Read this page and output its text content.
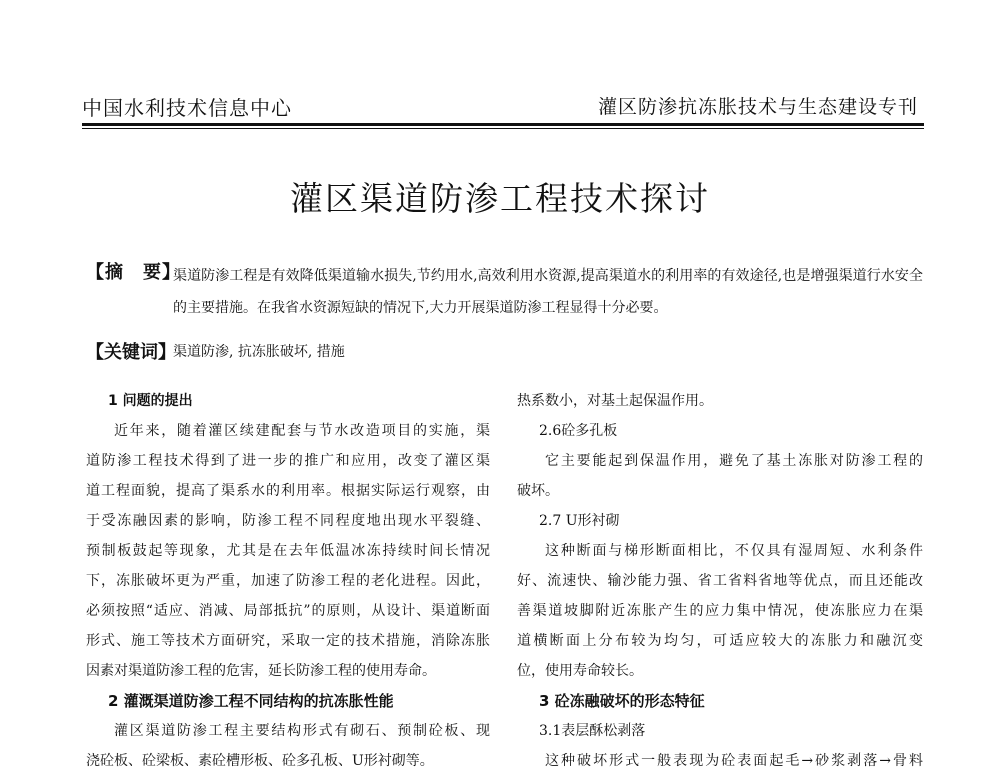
中国水利技术信息中心	灌区防渗抗冻胀技术与生态建设专刊
灌区渠道防渗工程技术探讨
【摘　要】
渠道防渗工程是有效降低渠道输水损失,节约用水,高效利用水资源,提高渠道水的利用率的有效途径,也是增强渠道行水安全的主要措施。在我省水资源短缺的情况下,大力开展渠道防渗工程显得十分必要。
【关键词】
渠道防渗, 抗冻胀破坏, 措施

1 问题的提出

近年来，随着灌区续建配套与节水改造项目的实施，渠

道防渗工程技术得到了进一步的推广和应用，改变了灌区渠

道工程面貌，提高了渠系水的利用率。根据实际运行观察，由

于受冻融因素的影响，防渗工程不同程度地出现水平裂缝、

预制板鼓起等现象，尤其是在去年低温冰冻持续时间长情况

下，冻胀破坏更为严重，加速了防渗工程的老化进程。因此，

必须按照“适应、消减、局部抵抗”的原则，从设计、渠道断面

形式、施工等技术方面研究，采取一定的技术措施，消除冻胀

因素对渠道防渗工程的危害，延长防渗工程的使用寿命。

2 灌溉渠道防渗工程不同结构的抗冻胀性能

灌区渠道防渗工程主要结构形式有砌石、预制砼板、现

浇砼板、砼梁板、素砼槽形板、砼多孔板、U形衬砌等。

热系数小，对基土起保温作用。

2.6砼多孔板

它主要能起到保温作用，避免了基土冻胀对防渗工程的

破坏。

2.7 U形衬砌

这种断面与梯形断面相比，不仅具有湿周短、水利条件

好、流速快、输沙能力强、省工省料省地等优点，而且还能改

善渠道坡脚附近冻胀产生的应力集中情况，使冻胀应力在渠

道横断面上分布较为均匀，可适应较大的冻胀力和融沉变

位，使用寿命较长。

3 砼冻融破坏的形态特征

3.1表层酥松剥落

这种破坏形式一般表现为砼表面起毛→砂浆剥落→骨料
